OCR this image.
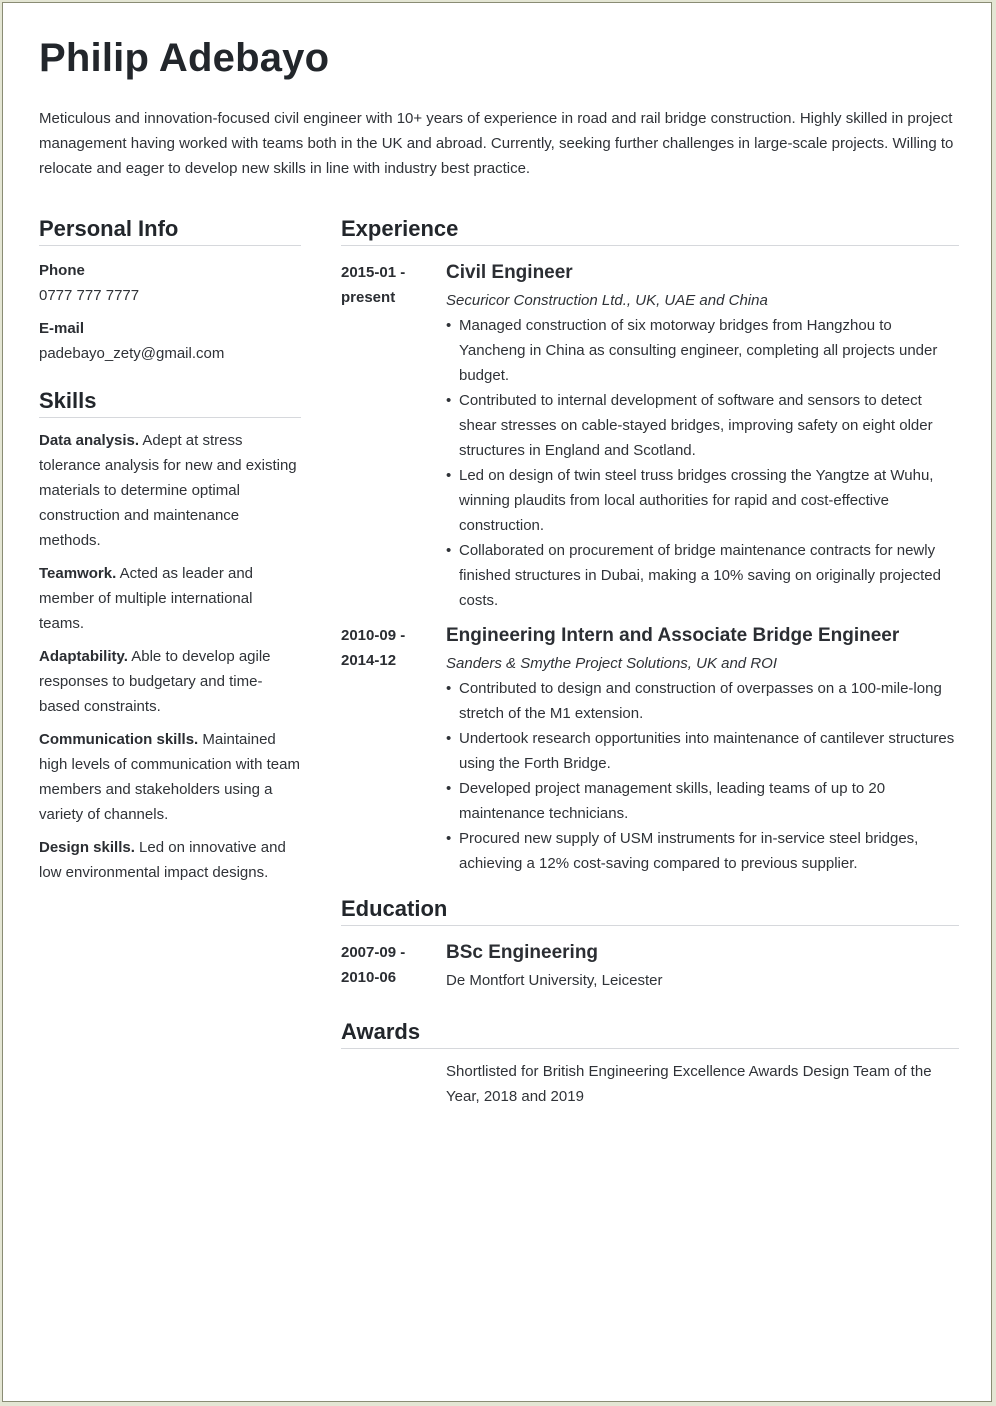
Philip Adebayo

Meticulous and innovation-focused civil engineer with 10+ years of experience in road and rail bridge construction. Highly skilled in project management having worked with teams both in the UK and abroad. Currently, seeking further challenges in large-scale projects. Willing to relocate and eager to develop new skills in line with industry best practice.

Personal Info
Phone
0777 777 7777
E-mail
padebayo_zety@gmail.com
Skills
Data analysis. Adept at stress tolerance analysis for new and existing materials to determine optimal construction and maintenance methods.
Teamwork. Acted as leader and member of multiple international teams.
Adaptability. Able to develop agile responses to budgetary and time-based constraints.
Communication skills. Maintained high levels of communication with team members and stakeholders using a variety of channels.
Design skills. Led on innovative and low environmental impact designs.
Experience
2015-01 -
present
Civil Engineer
Securicor Construction Ltd., UK, UAE and China
• Managed construction of six motorway bridges from Hangzhou to Yancheng in China as consulting engineer, completing all projects under budget.
• Contributed to internal development of software and sensors to detect shear stresses on cable-stayed bridges, improving safety on eight older structures in England and Scotland.
• Led on design of twin steel truss bridges crossing the Yangtze at Wuhu, winning plaudits from local authorities for rapid and cost-effective construction.
• Collaborated on procurement of bridge maintenance contracts for newly finished structures in Dubai, making a 10% saving on originally projected costs.
2010-09 -
2014-12
Engineering Intern and Associate Bridge Engineer
Sanders & Smythe Project Solutions, UK and ROI
• Contributed to design and construction of overpasses on a 100-mile-long stretch of the M1 extension.
• Undertook research opportunities into maintenance of cantilever structures using the Forth Bridge.
• Developed project management skills, leading teams of up to 20 maintenance technicians.
• Procured new supply of USM instruments for in-service steel bridges, achieving a 12% cost-saving compared to previous supplier.
Education
2007-09 -
2010-06
BSc Engineering
De Montfort University, Leicester
Awards
Shortlisted for British Engineering Excellence Awards Design Team of the Year, 2018 and 2019
